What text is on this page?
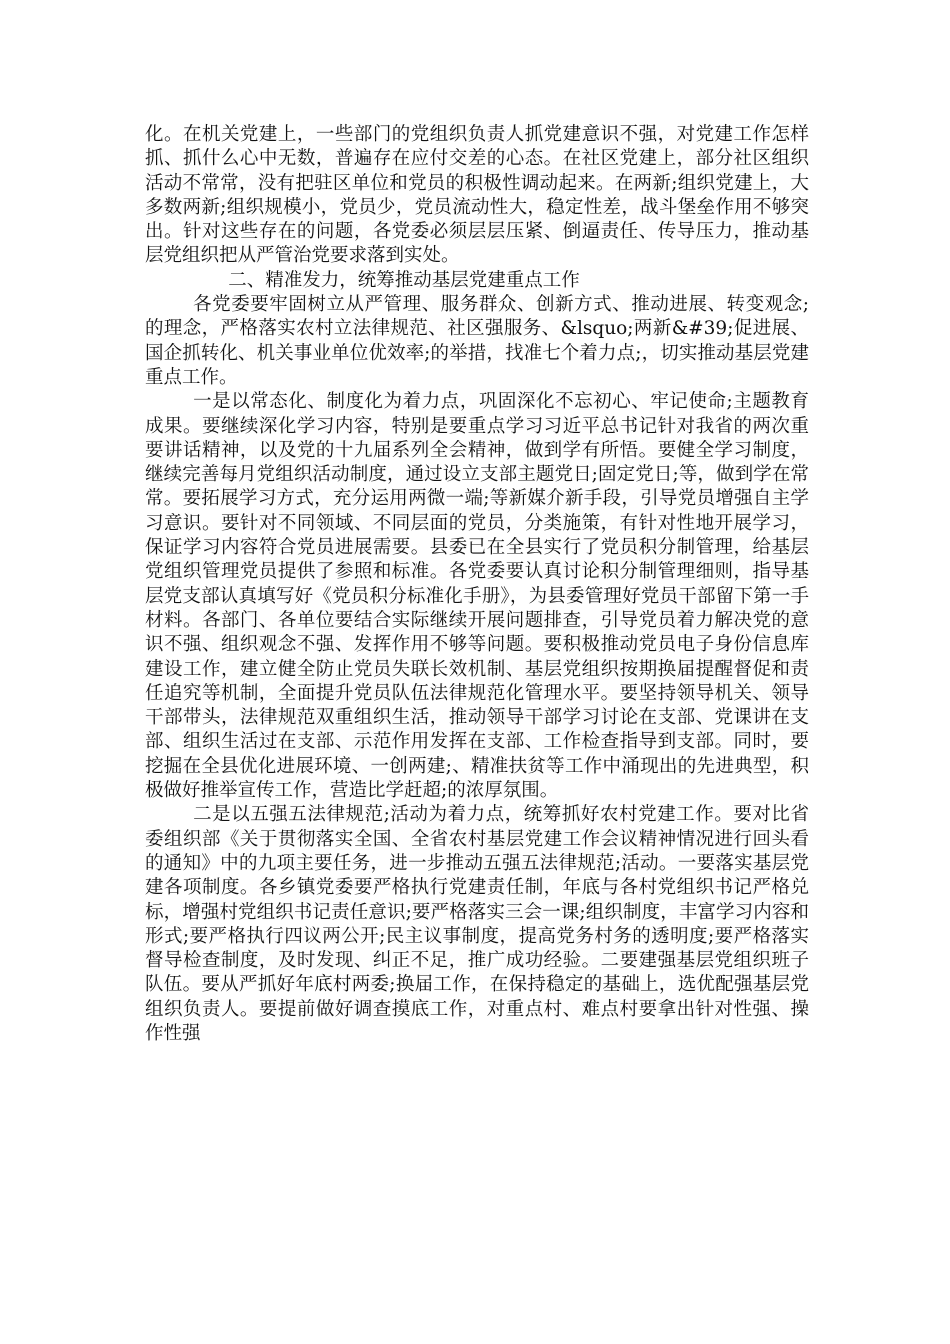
化。在机关党建上，一些部门的党组织负责人抓党建意识不强，对党建工作怎样抓、抓什么心中无数，普遍存在应付交差的心态。在社区党建上，部分社区组织活动不常常，没有把驻区单位和党员的积极性调动起来。在两新;组织党建上，大多数两新;组织规模小，党员少，党员流动性大，稳定性差，战斗堡垒作用不够突出。针对这些存在的问题，各党委必须层层压紧、倒逼责任、传导压力，推动基层党组织把从严管治党要求落到实处。

二、精准发力，统筹推动基层党建重点工作

各党委要牢固树立从严管理、服务群众、创新方式、推动进展、转变观念;的理念，严格落实农村立法律规范、社区强服务、&lsquo;两新&#39;促进展、国企抓转化、机关事业单位优效率;的举措，找准七个着力点;，切实推动基层党建重点工作。

一是以常态化、制度化为着力点，巩固深化不忘初心、牢记使命;主题教育成果。要继续深化学习内容，特别是要重点学习习近平总书记针对我省的两次重要讲话精神，以及党的十九届系列全会精神，做到学有所悟。要健全学习制度，继续完善每月党组织活动制度，通过设立支部主题党日;固定党日;等，做到学在常常。要拓展学习方式，充分运用两微一端;等新媒介新手段，引导党员增强自主学习意识。要针对不同领域、不同层面的党员，分类施策，有针对性地开展学习，保证学习内容符合党员进展需要。县委已在全县实行了党员积分制管理，给基层党组织管理党员提供了参照和标准。各党委要认真讨论积分制管理细则，指导基层党支部认真填写好《党员积分标准化手册》，为县委管理好党员干部留下第一手材料。各部门、各单位要结合实际继续开展问题排查，引导党员着力解决党的意识不强、组织观念不强、发挥作用不够等问题。要积极推动党员电子身份信息库建设工作，建立健全防止党员失联长效机制、基层党组织按期换届提醒督促和责任追究等机制，全面提升党员队伍法律规范化管理水平。要坚持领导机关、领导干部带头，法律规范双重组织生活，推动领导干部学习讨论在支部、党课讲在支部、组织生活过在支部、示范作用发挥在支部、工作检查指导到支部。同时，要挖掘在全县优化进展环境、一创两建;、精准扶贫等工作中涌现出的先进典型，积极做好推举宣传工作，营造比学赶超;的浓厚氛围。

二是以五强五法律规范;活动为着力点，统筹抓好农村党建工作。要对比省委组织部《关于贯彻落实全国、全省农村基层党建工作会议精神情况进行回头看的通知》中的九项主要任务，进一步推动五强五法律规范;活动。一要落实基层党建各项制度。各乡镇党委要严格执行党建责任制，年底与各村党组织书记严格兑标，增强村党组织书记责任意识;要严格落实三会一课;组织制度，丰富学习内容和形式;要严格执行四议两公开;民主议事制度，提高党务村务的透明度;要严格落实督导检查制度，及时发现、纠正不足，推广成功经验。二要建强基层党组织班子队伍。要从严抓好年底村两委;换届工作，在保持稳定的基础上，选优配强基层党组织负责人。要提前做好调查摸底工作，对重点村、难点村要拿出针对性强、操作性强
